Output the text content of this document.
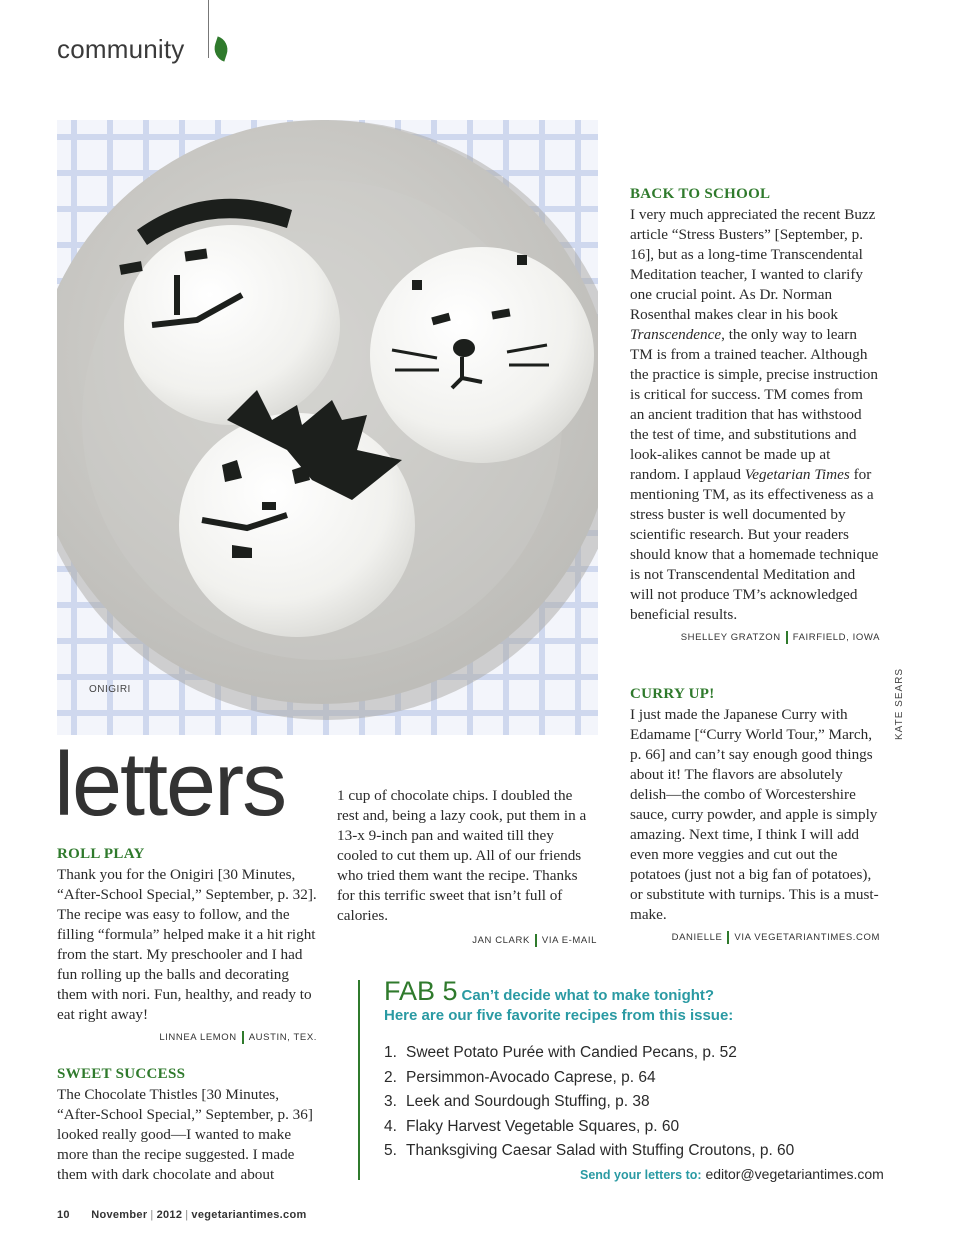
community
ONIGIRI	KATE SEARS
letters
ROLL PLAY

Thank you for the Onigiri [30 Minutes, “After-School Special,” September, p. 32]. The recipe was easy to follow, and the filling “formula” helped make it a hit right from the start. My preschooler and I had fun rolling up the balls and decorating them with nori. Fun, healthy, and ready to eat right away!

LINNEA LEMON AUSTIN, TEX.
SWEET SUCCESS

The Chocolate Thistles [30 Minutes, “After-School Special,” September, p. 36] looked really good—I wanted to make more than the recipe suggested. I made them with dark chocolate and about

1 cup of chocolate chips. I doubled the rest and, being a lazy cook, put them in a 13-x 9-inch pan and waited till they cooled to cut them up. All of our friends who tried them want the recipe. Thanks for this terrific sweet that isn’t full of calories.

JAN CLARK VIA E-MAIL
BACK TO SCHOOL

I very much appreciated the recent Buzz article “Stress Busters” [September, p. 16], but as a long-time Transcendental Meditation teacher, I wanted to clarify one crucial point. As Dr. Norman Rosenthal makes clear in his book Transcendence, the only way to learn TM is from a trained teacher. Although the practice is simple, precise instruction is critical for success. TM comes from an ancient tradition that has withstood the test of time, and substitutions and look-alikes cannot be made up at random. I applaud Vegetarian Times for mentioning TM, as its effectiveness as a stress buster is well documented by scientific research. But your readers should know that a homemade technique is not Transcendental Meditation and will not produce TM’s acknowledged beneficial results.

SHELLEY GRATZON FAIRFIELD, IOWA
CURRY UP!

I just made the Japanese Curry with Edamame [“Curry World Tour,” March, p. 66] and can’t say enough good things about it! The flavors are absolutely delish—the combo of Worcestershire sauce, curry powder, and apple is simply amazing. Next time, I think I will add even more veggies and cut out the potatoes (just not a big fan of potatoes), or substitute with turnips. This is a must-make.

DANIELLE VIA VEGETARIANTIMES.COM
FAB 5 Can’t decide what to make tonight?
Here are our five favorite recipes from this issue:
1. Sweet Potato Purée with Candied Pecans, p. 52
2. Persimmon-Avocado Caprese, p. 64
3. Leek and Sourdough Stuffing, p. 38
4. Flaky Harvest Vegetable Squares, p. 60
5. Thanksgiving Caesar Salad with Stuffing Croutons, p. 60
Send your letters to: editor@vegetariantimes.com
10 November | 2012 | vegetariantimes.com
